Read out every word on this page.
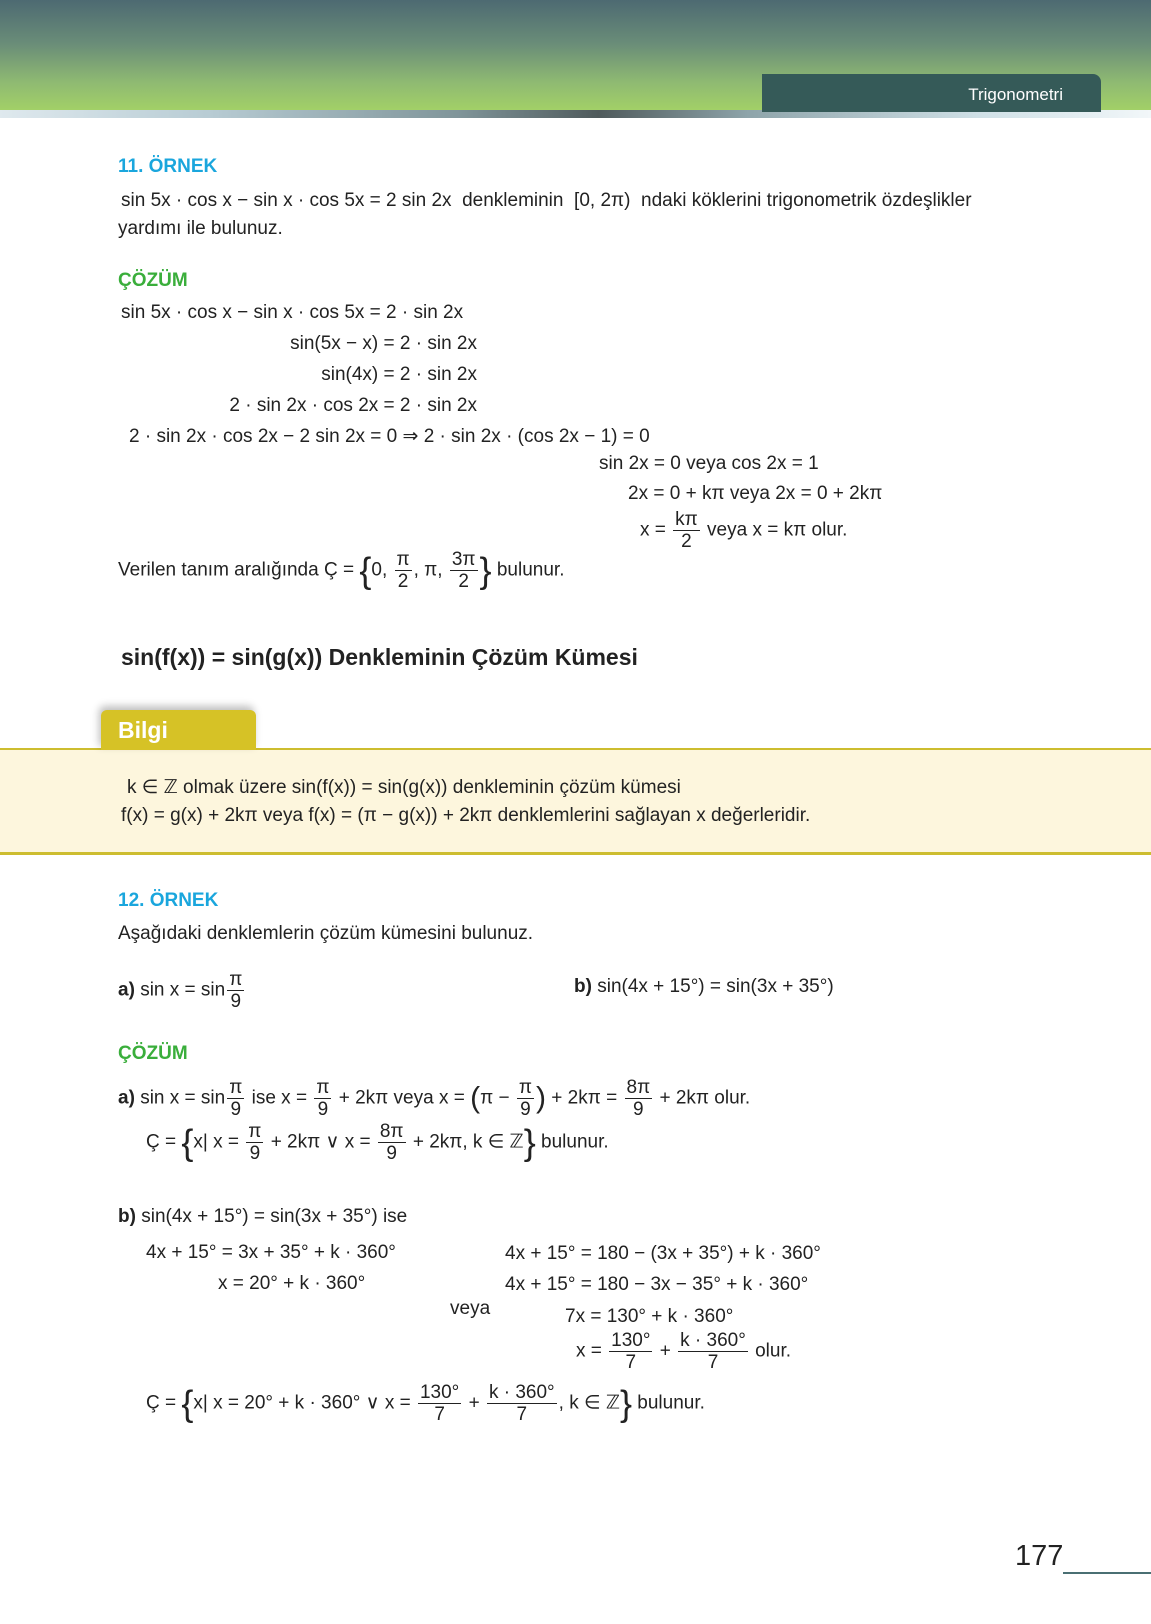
Trigonometri
11. ÖRNEK
sin 5x · cos x − sin x · cos 5x = 2 sin 2x denkleminin [0, 2π) ndaki köklerini trigonometrik özdeşlikler
yardımı ile bulunuz.
ÇÖZÜM
sin 5x · cos x − sin x · cos 5x = 2 · sin 2x
sin(5x − x) = 2 · sin 2x
sin(4x) = 2 · sin 2x
2 · sin 2x · cos 2x = 2 · sin 2x
2 · sin 2x · cos 2x − 2 sin 2x = 0 ⇒ 2 · sin 2x · (cos 2x − 1) = 0
sin 2x = 0 veya cos 2x = 1
2x = 0 + kπ veya 2x = 0 + 2kπ
$x = \frac{k\pi}{2}$ veya x = kπ olur.
Verilen tanım aralığında Ç = {0, $\frac{\pi}{2}$ , π, $\frac{3\pi}{2}$ } bulunur.
sin(f(x)) = sin(g(x)) Denkleminin Çözüm Kümesi
k ∈ ℤ olmak üzere sin(f(x)) = sin(g(x)) denkleminin çözüm kümesi
f(x) = g(x) + 2kπ veya f(x) = (π − g(x)) + 2kπ denklemlerini sağlayan x değerleridir.
Bilgi
12. ÖRNEK
Aşağıdaki denklemlerin çözüm kümesini bulunuz.
a) $\sin x = \sin \frac{\pi}{9}$	b) sin(4x + 15°) = sin(3x + 35°)
ÇÖZÜM
a) $\sin x = \sin \frac{\pi}{9}$ ise $x = \frac{\pi}{9} + 2k\pi$ veya $x = (\pi - \frac{\pi}{9}$ ) + $2k\pi = \frac{8\pi}{9} + 2k\pi$ olur.
Ç = {x| $x = \frac{\pi}{9} + 2k\pi$ ∨ $x = \frac{8\pi}{9} + 2k\pi$, k ∈ ℤ} bulunur.
b) sin(4x + 15°) = sin(3x + 35°) ise
4x + 15° = 3x + 35° + k · 360°
x = 20° + k · 360°
veya
4x + 15° = 180 − (3x + 35°) + k · 360°
4x + 15° = 180 − 3x − 35° + k · 360°
7x = 130° + k · 360°
$x = \frac{130^\circ}{7} + \frac{k \cdot 360^\circ}{7}$ olur.
Ç = {x| x = 20° + k · 360° ∨ $x = \frac{130^\circ}{7} + \frac{k \cdot 360^\circ}{7}$ , k ∈ ℤ} bulunur.
177
